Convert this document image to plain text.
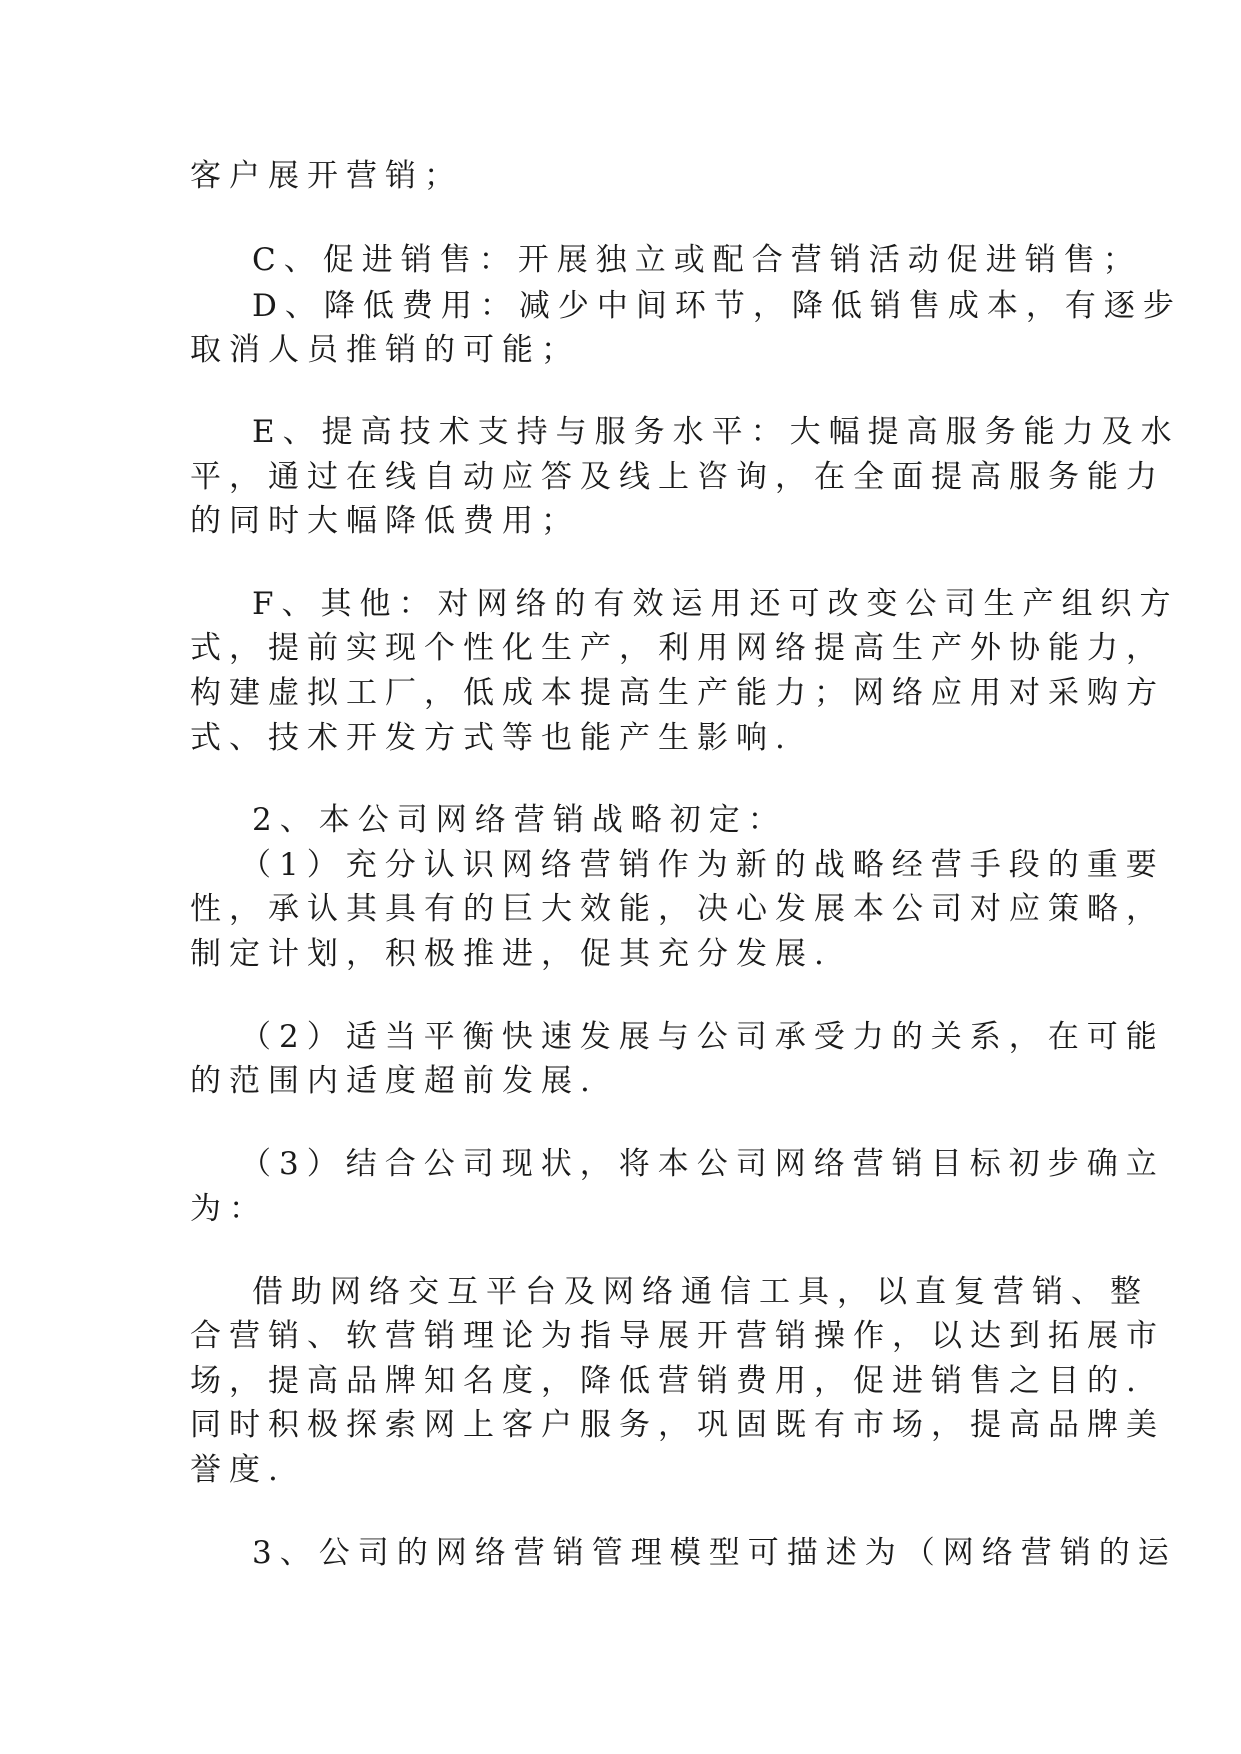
客户展开营销；
C、促进销售：开展独立或配合营销活动促进销售；
D、降低费用：减少中间环节，降低销售成本，有逐步
取消人员推销的可能；
E、提高技术支持与服务水平：大幅提高服务能力及水
平，通过在线自动应答及线上咨询，在全面提高服务能力
的同时大幅降低费用；
F、其他：对网络的有效运用还可改变公司生产组织方
式，提前实现个性化生产，利用网络提高生产外协能力，
构建虚拟工厂，低成本提高生产能力；网络应用对采购方
式、技术开发方式等也能产生影响.
2、本公司网络营销战略初定：
（1）充分认识网络营销作为新的战略经营手段的重要
性，承认其具有的巨大效能，决心发展本公司对应策略，
制定计划，积极推进，促其充分发展.
（2）适当平衡快速发展与公司承受力的关系，在可能
的范围内适度超前发展.
（3）结合公司现状，将本公司网络营销目标初步确立
为：
借助网络交互平台及网络通信工具，以直复营销、整
合营销、软营销理论为指导展开营销操作，以达到拓展市
场，提高品牌知名度，降低营销费用，促进销售之目的.
同时积极探索网上客户服务，巩固既有市场，提高品牌美
誉度.
3、公司的网络营销管理模型可描述为（网络营销的运
